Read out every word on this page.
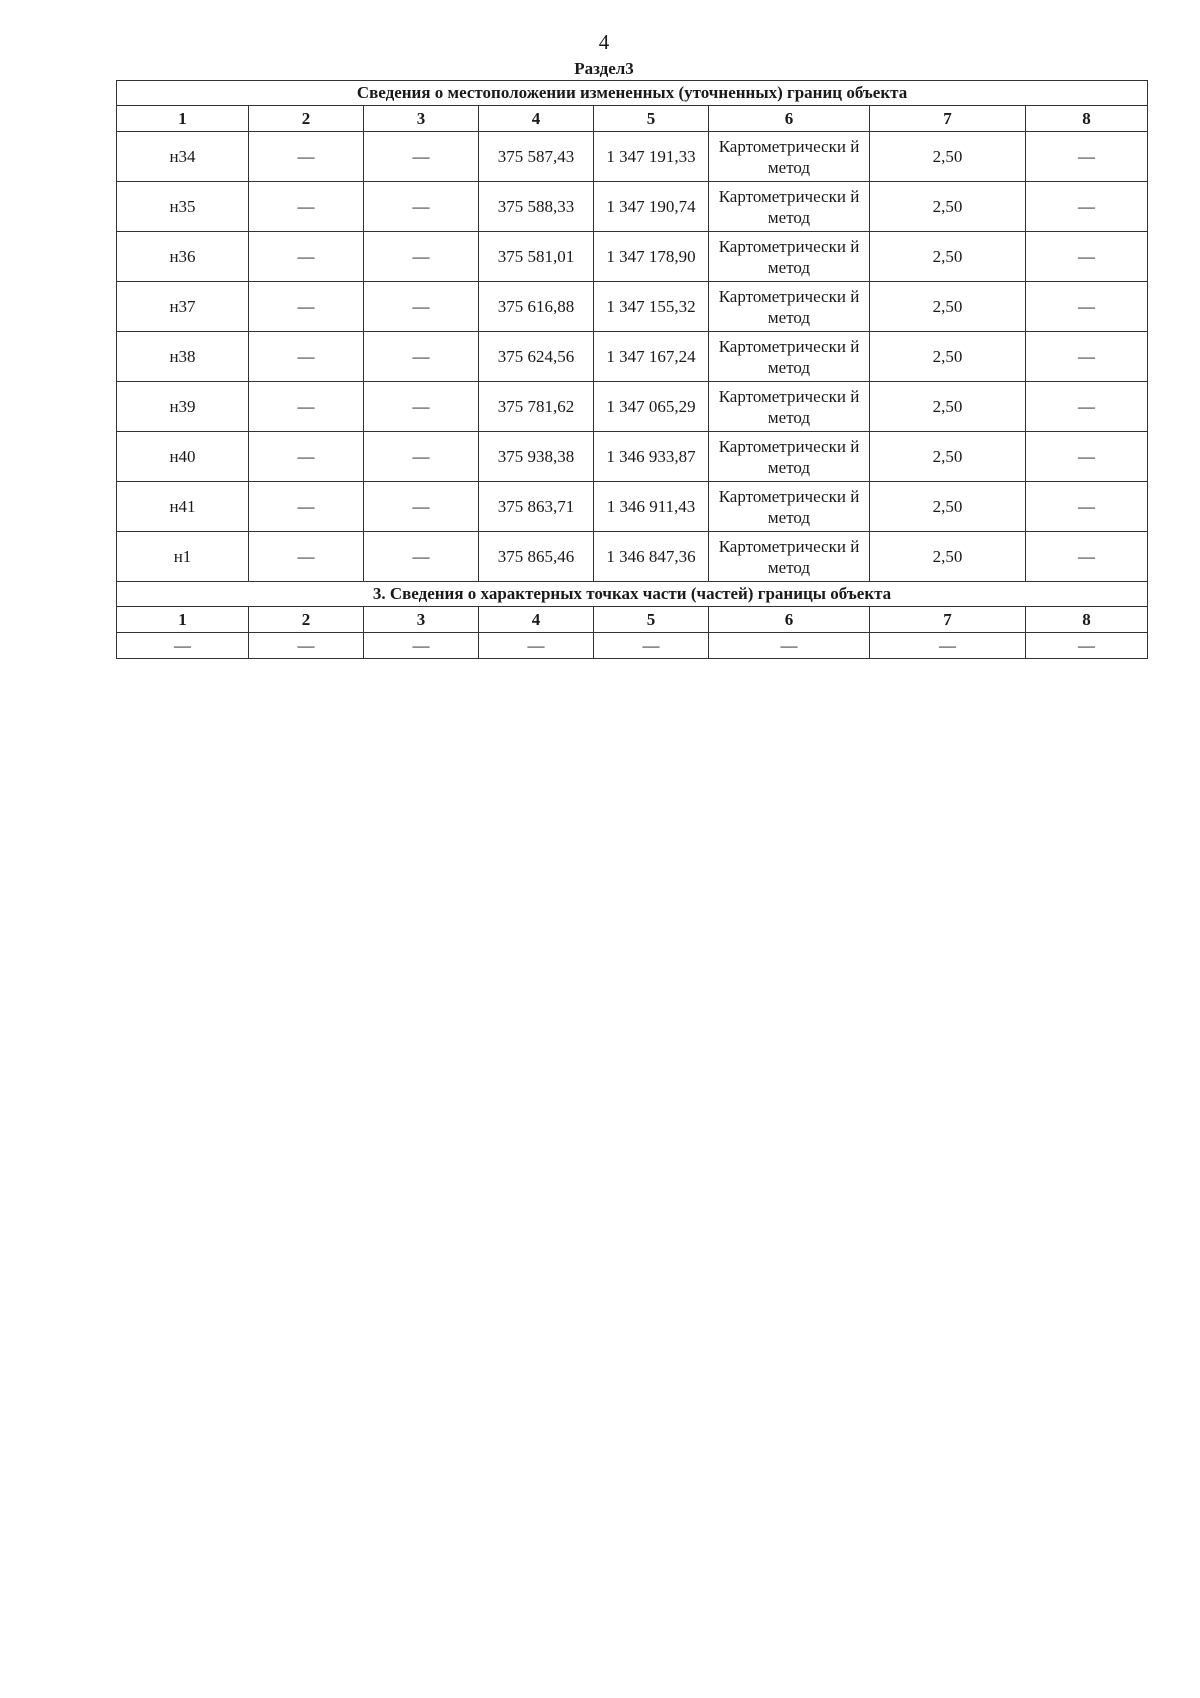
4
Раздел3
Сведения о местоположении измененных (уточненных) границ объекта							
1	2	3	4	5	6	7	8
н34	—	—	375 587,43	1 347 191,33	Картометрически й метод	2,50	—
н35	—	—	375 588,33	1 347 190,74	Картометрически й метод	2,50	—
н36	—	—	375 581,01	1 347 178,90	Картометрически й метод	2,50	—
н37	—	—	375 616,88	1 347 155,32	Картометрически й метод	2,50	—
н38	—	—	375 624,56	1 347 167,24	Картометрически й метод	2,50	—
н39	—	—	375 781,62	1 347 065,29	Картометрически й метод	2,50	—
н40	—	—	375 938,38	1 346 933,87	Картометрически й метод	2,50	—
н41	—	—	375 863,71	1 346 911,43	Картометрически й метод	2,50	—
н1	—	—	375 865,46	1 346 847,36	Картометрически й метод	2,50	—
3. Сведения о характерных точках части (частей) границы объекта							
1	2	3	4	5	6	7	8
—	—	—	—	—	—	—	—
